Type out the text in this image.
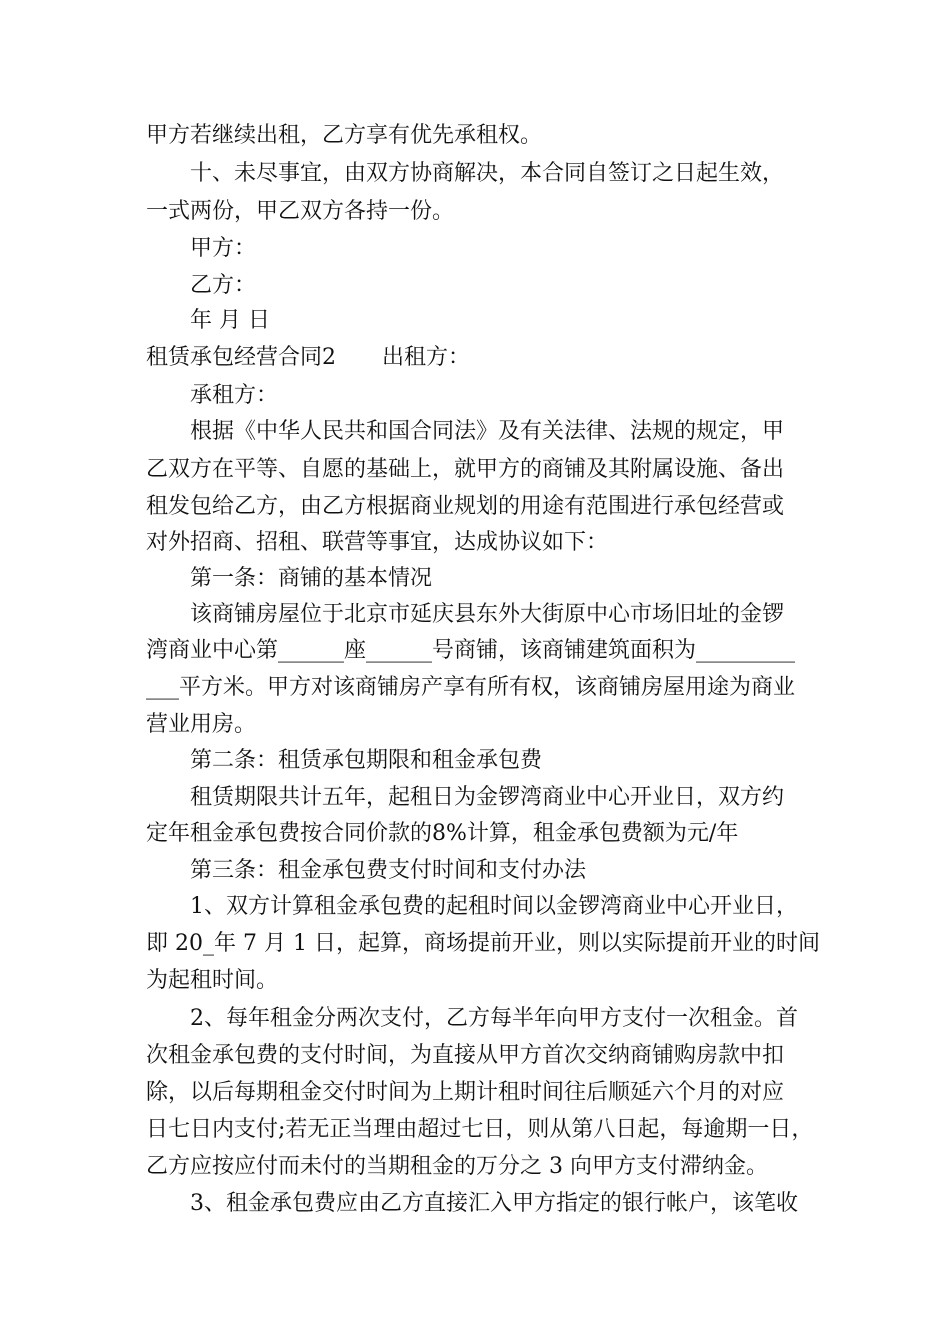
甲方若继续出租，乙方享有优先承租权。
十、未尽事宜，由双方协商解决，本合同自签订之日起生效，
一式两份，甲乙双方各持一份。
甲方：
乙方：
年 月 日
租赁承包经营合同2 出租方：
承租方：
根据《中华人民共和国合同法》及有关法律、法规的规定，甲
乙双方在平等、自愿的基础上，就甲方的商铺及其附属设施、备出
租发包给乙方，由乙方根据商业规划的用途有范围进行承包经营或
对外招商、招租、联营等事宜，达成协议如下：
第一条：商铺的基本情况
该商铺房屋位于北京市延庆县东外大街原中心市场旧址的金锣
湾商业中心第______座______号商铺，该商铺建筑面积为_________
___平方米。甲方对该商铺房产享有所有权，该商铺房屋用途为商业
营业用房。
第二条：租赁承包期限和租金承包费
租赁期限共计五年，起租日为金锣湾商业中心开业日，双方约
定年租金承包费按合同价款的8%计算，租金承包费额为元/年
第三条：租金承包费支付时间和支付办法
1、双方计算租金承包费的起租时间以金锣湾商业中心开业日，
即 20_年 7 月 1 日，起算，商场提前开业，则以实际提前开业的时间
为起租时间。
2、每年租金分两次支付，乙方每半年向甲方支付一次租金。首
次租金承包费的支付时间，为直接从甲方首次交纳商铺购房款中扣
除，以后每期租金交付时间为上期计租时间往后顺延六个月的对应
日七日内支付;若无正当理由超过七日，则从第八日起，每逾期一日，
乙方应按应付而未付的当期租金的万分之 3 向甲方支付滞纳金。
3、租金承包费应由乙方直接汇入甲方指定的银行帐户，该笔收
